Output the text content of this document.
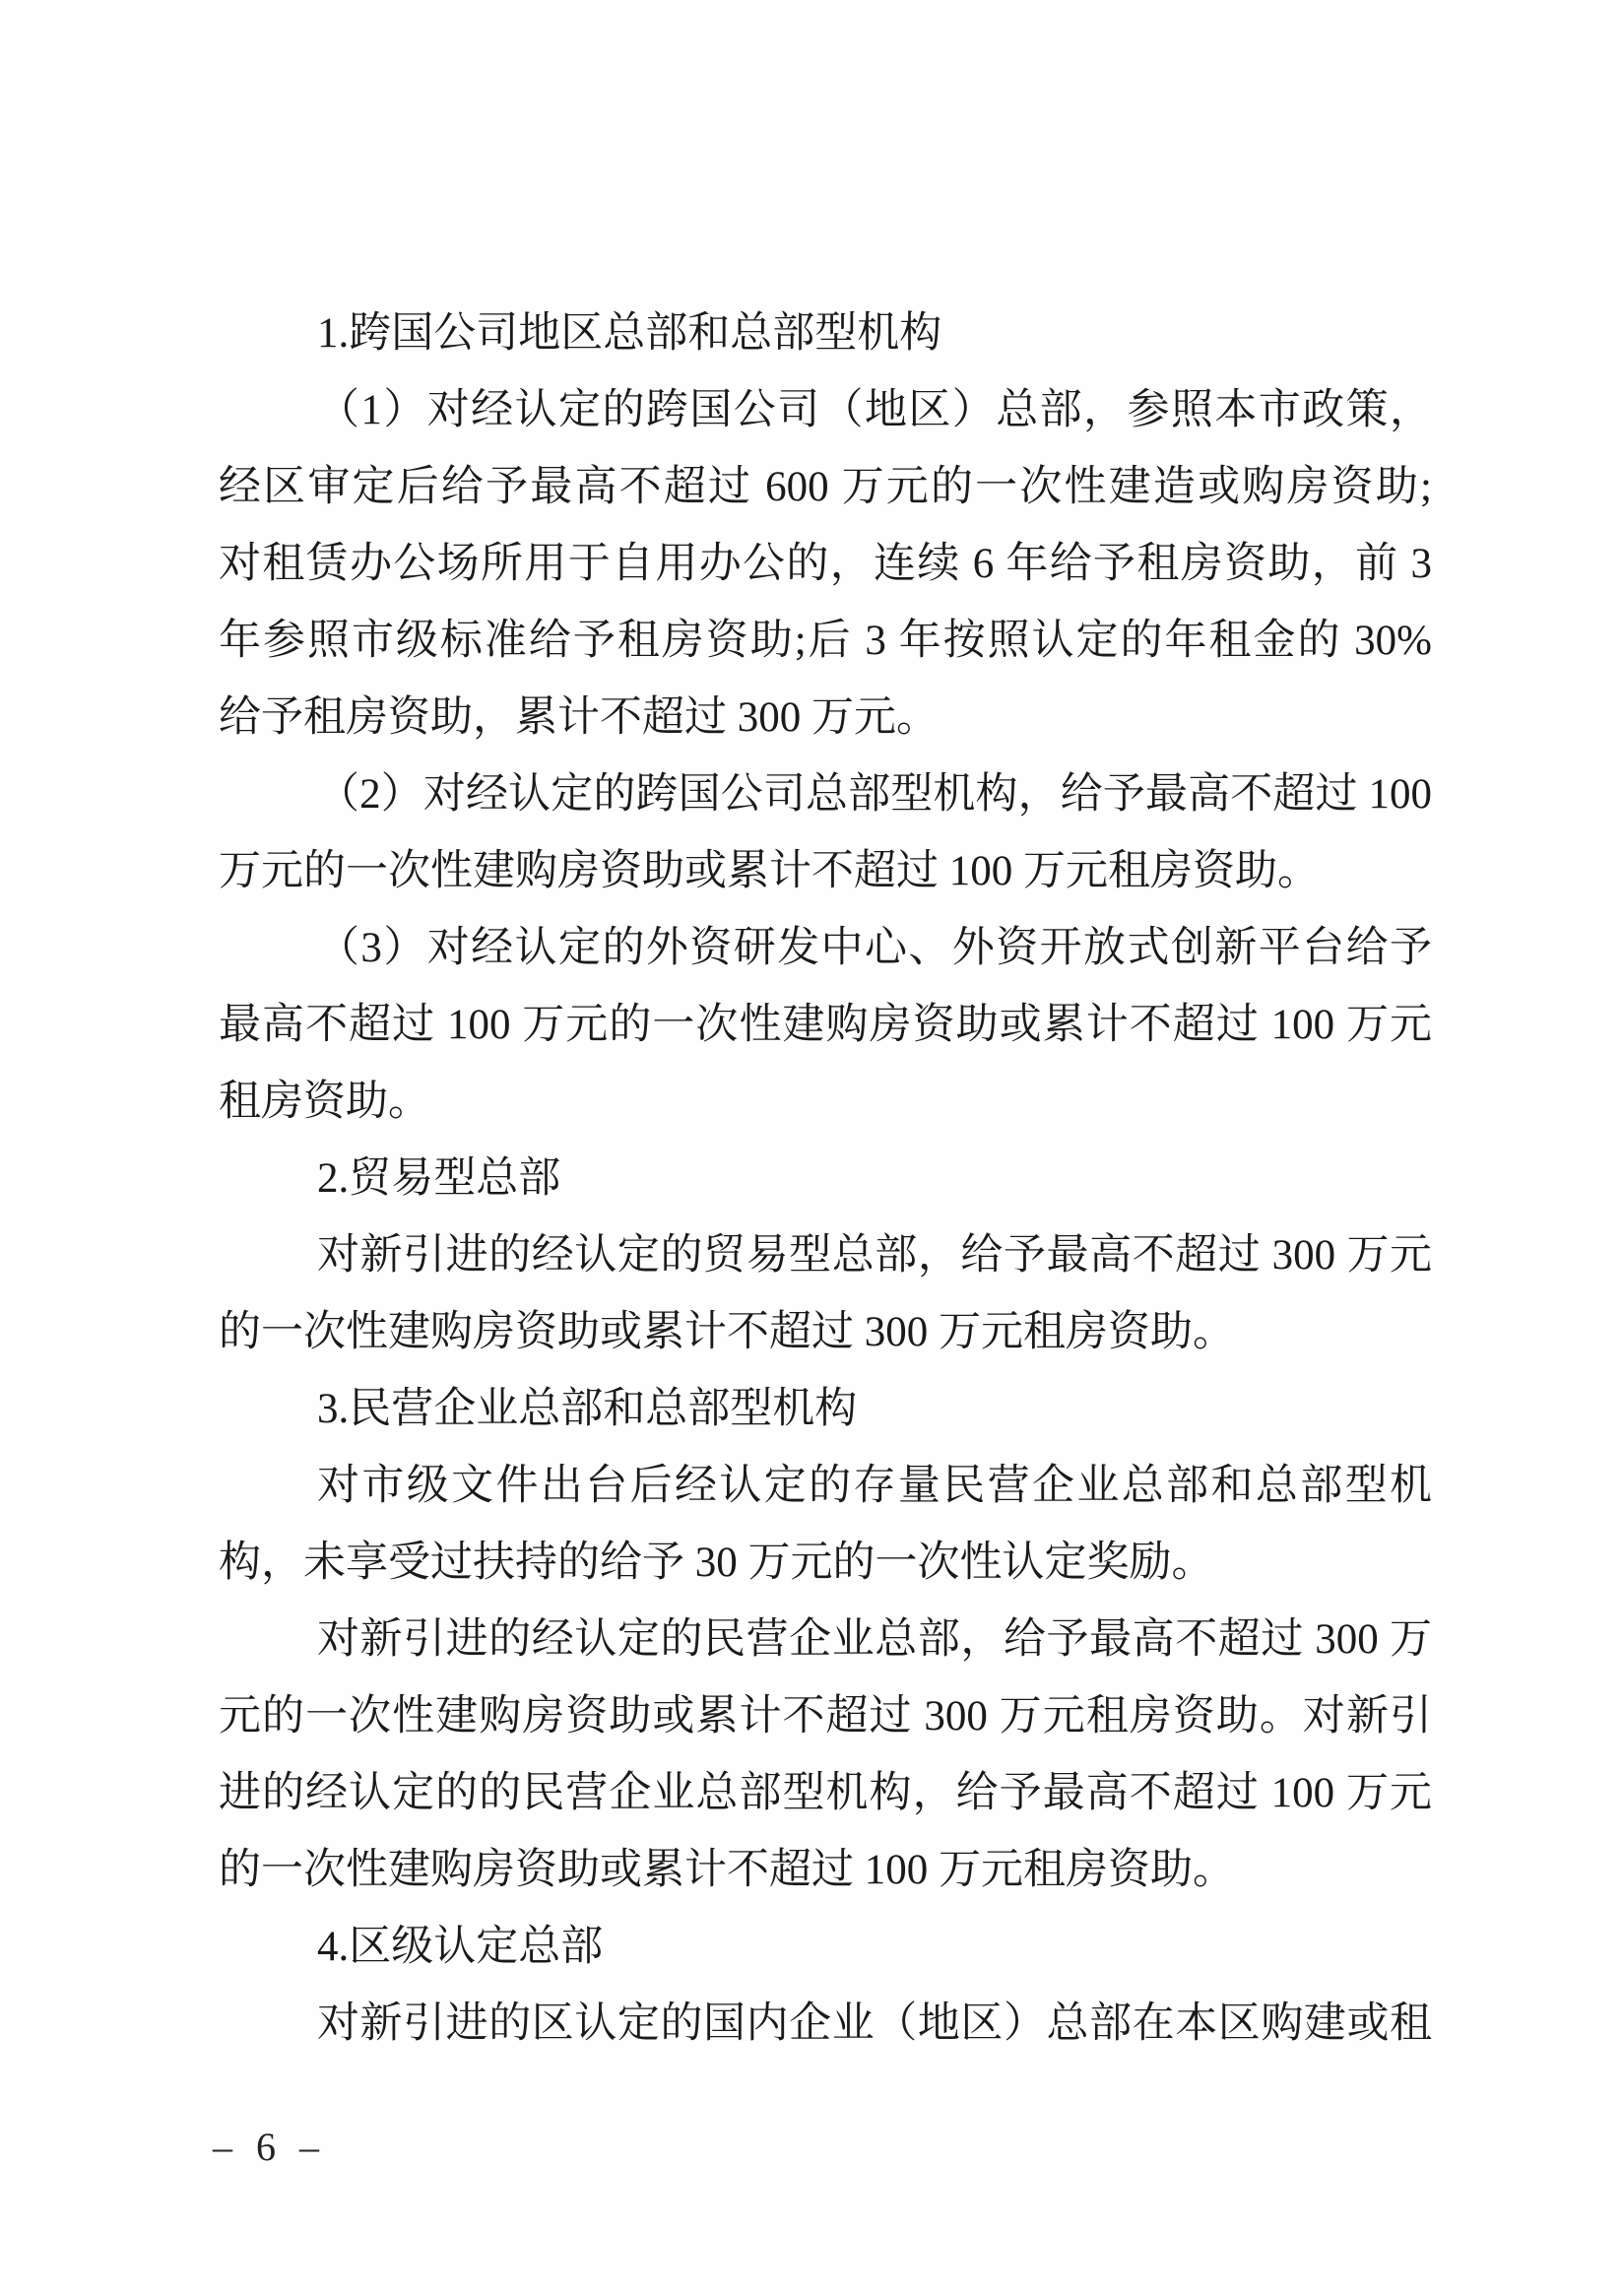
1.跨国公司地区总部和总部型机构
（1）对经认定的跨国公司（地区）总部，参照本市政策，
经区审定后给予最高不超过 600 万元的一次性建造或购房资助;
对租赁办公场所用于自用办公的，连续 6 年给予租房资助，前 3
年参照市级标准给予租房资助;后 3 年按照认定的年租金的 30%
给予租房资助，累计不超过 300 万元。
（2）对经认定的跨国公司总部型机构，给予最高不超过 100
万元的一次性建购房资助或累计不超过 100 万元租房资助。
（3）对经认定的外资研发中心、外资开放式创新平台给予
最高不超过 100 万元的一次性建购房资助或累计不超过 100 万元
租房资助。
2.贸易型总部
对新引进的经认定的贸易型总部，给予最高不超过 300 万元
的一次性建购房资助或累计不超过 300 万元租房资助。
3.民营企业总部和总部型机构
对市级文件出台后经认定的存量民营企业总部和总部型机
构，未享受过扶持的给予 30 万元的一次性认定奖励。
对新引进的经认定的民营企业总部，给予最高不超过 300 万
元的一次性建购房资助或累计不超过 300 万元租房资助。对新引
进的经认定的的民营企业总部型机构，给予最高不超过 100 万元
的一次性建购房资助或累计不超过 100 万元租房资助。
4.区级认定总部
对新引进的区认定的国内企业（地区）总部在本区购建或租
– 6 –
